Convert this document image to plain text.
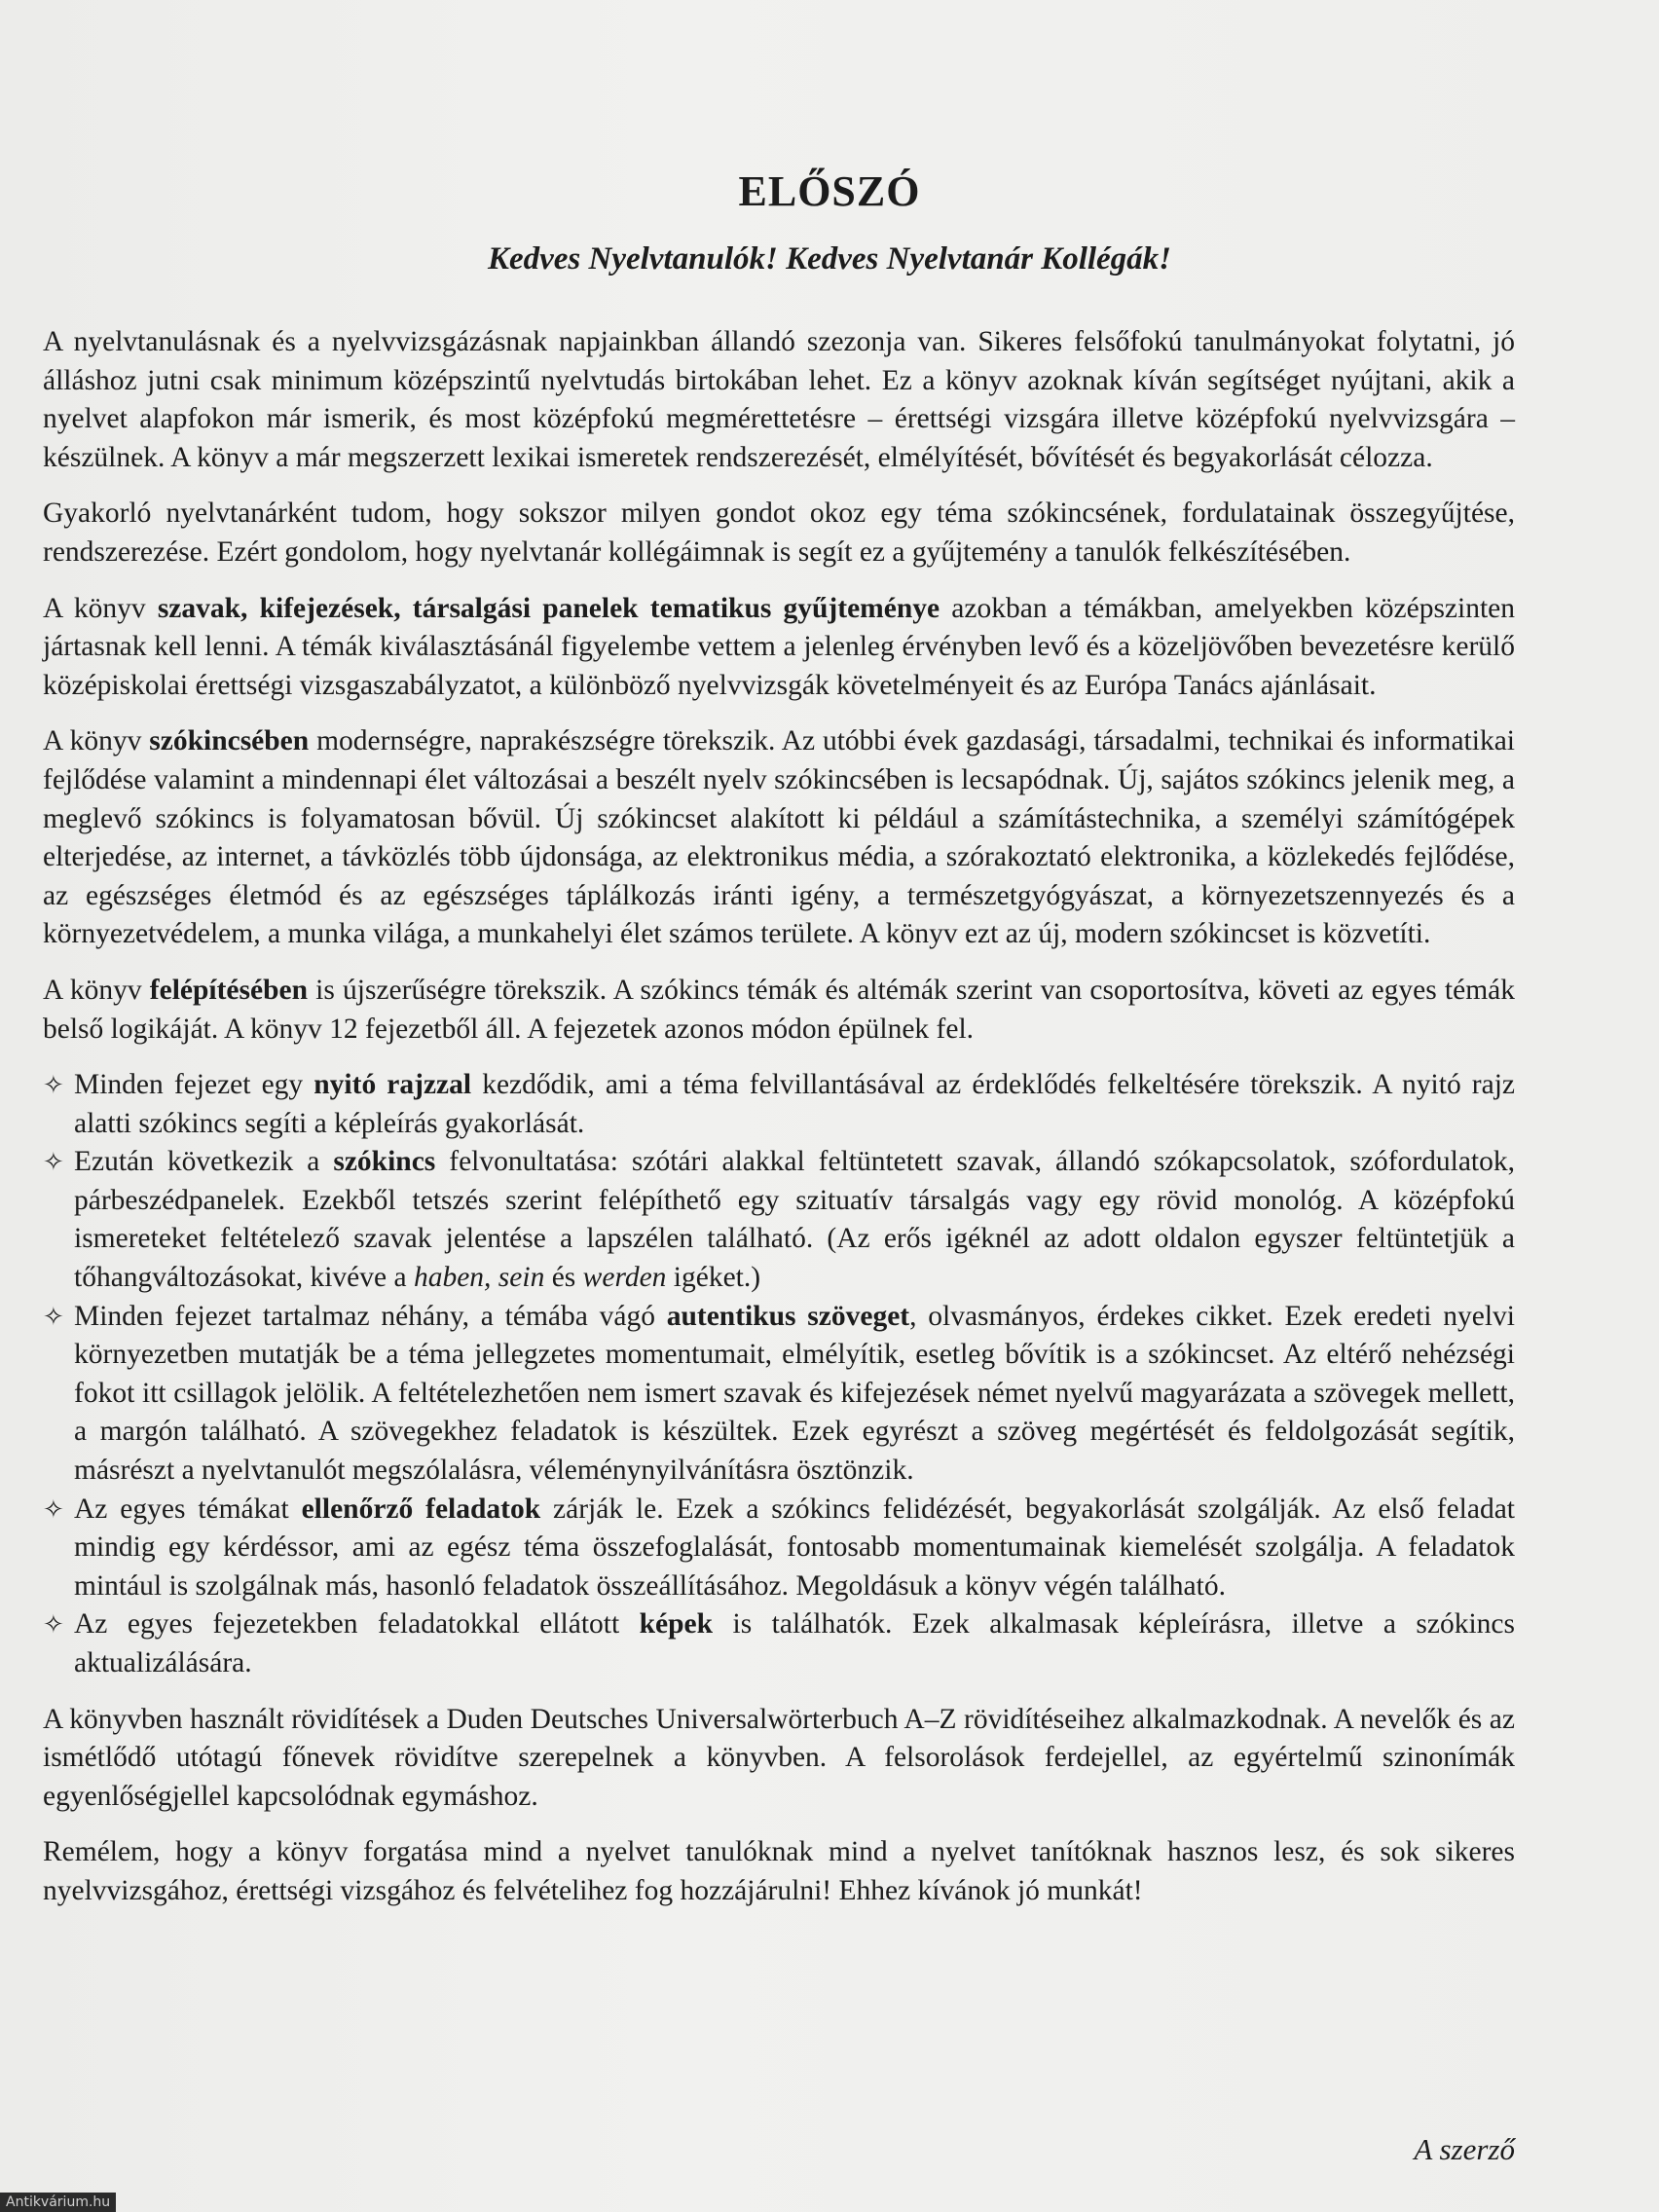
ELŐSZÓ
Kedves Nyelvtanulók! Kedves Nyelvtanár Kollégák!

A nyelvtanulásnak és a nyelvvizsgázásnak napjainkban állandó szezonja van. Sikeres felsőfokú tanulmányokat folytatni, jó álláshoz jutni csak minimum középszintű nyelvtudás birtokában lehet. Ez a könyv azoknak kíván segítséget nyújtani, akik a nyelvet alapfokon már ismerik, és most középfokú megmérettetésre – érettségi vizsgára illetve középfokú nyelvvizsgára – készülnek. A könyv a már megszerzett lexikai ismeretek rendszerezését, elmélyítését, bővítését és begyakorlását célozza.

Gyakorló nyelvtanárként tudom, hogy sokszor milyen gondot okoz egy téma szókincsének, fordulatainak összegyűjtése, rendszerezése. Ezért gondolom, hogy nyelvtanár kollégáimnak is segít ez a gyűjtemény a tanulók felkészítésében.

A könyv szavak, kifejezések, társalgási panelek tematikus gyűjteménye azokban a témákban, amelyekben középszinten jártasnak kell lenni. A témák kiválasztásánál figyelembe vettem a jelenleg érvényben levő és a közeljövőben bevezetésre kerülő középiskolai érettségi vizsgaszabályzatot, a különböző nyelvvizsgák követelményeit és az Európa Tanács ajánlásait.

A könyv szókincsében modernségre, naprakészségre törekszik. Az utóbbi évek gazdasági, társadalmi, technikai és informatikai fejlődése valamint a mindennapi élet változásai a beszélt nyelv szókincsében is lecsapódnak. Új, sajátos szókincs jelenik meg, a meglevő szókincs is folyamatosan bővül. Új szókincset alakított ki például a számítástechnika, a személyi számítógépek elterjedése, az internet, a távközlés több újdonsága, az elektronikus média, a szórakoztató elektronika, a közlekedés fejlődése, az egészséges életmód és az egészséges táplálkozás iránti igény, a természetgyógyászat, a környezetszennyezés és a környezetvédelem, a munka világa, a munkahelyi élet számos területe. A könyv ezt az új, modern szókincset is közvetíti.

A könyv felépítésében is újszerűségre törekszik. A szókincs témák és altémák szerint van csoportosítva, követi az egyes témák belső logikáját. A könyv 12 fejezetből áll. A fejezetek azonos módon épülnek fel.

✧ Minden fejezet egy nyitó rajzzal kezdődik, ami a téma felvillantásával az érdeklődés felkeltésére törekszik. A nyitó rajz alatti szókincs segíti a képleírás gyakorlását.
✧ Ezután következik a szókincs felvonultatása: szótári alakkal feltüntetett szavak, állandó szókapcsolatok, szófordulatok, párbeszédpanelek. Ezekből tetszés szerint felépíthető egy szituatív társalgás vagy egy rövid monológ. A középfokú ismereteket feltételező szavak jelentése a lapszélen található. (Az erős igéknél az adott oldalon egyszer feltüntetjük a tőhangváltozásokat, kivéve a haben, sein és werden igéket.)
✧ Minden fejezet tartalmaz néhány, a témába vágó autentikus szöveget, olvasmányos, érdekes cikket. Ezek eredeti nyelvi környezetben mutatják be a téma jellegzetes momentumait, elmélyítik, esetleg bővítik is a szókincset. Az eltérő nehézségi fokot itt csillagok jelölik. A feltételezhetően nem ismert szavak és kifejezések német nyelvű magyarázata a szövegek mellett, a margón található. A szövegekhez feladatok is készültek. Ezek egyrészt a szöveg megértését és feldolgozását segítik, másrészt a nyelvtanulót megszólalásra, véleménynyilvánításra ösztönzik.
✧ Az egyes témákat ellenőrző feladatok zárják le. Ezek a szókincs felidézését, begyakorlását szolgálják. Az első feladat mindig egy kérdéssor, ami az egész téma összefoglalását, fontosabb momentumainak kiemelését szolgálja. A feladatok mintául is szolgálnak más, hasonló feladatok összeállításához. Megoldásuk a könyv végén található.
✧ Az egyes fejezetekben feladatokkal ellátott képek is találhatók. Ezek alkalmasak képleírásra, illetve a szókincs aktualizálására.

A könyvben használt rövidítések a Duden Deutsches Universalwörterbuch A–Z rövidítéseihez alkalmazkodnak. A nevelők és az ismétlődő utótagú főnevek rövidítve szerepelnek a könyvben. A felsorolások ferdejellel, az egyértelmű szinonímák egyenlőségjellel kapcsolódnak egymáshoz.

Remélem, hogy a könyv forgatása mind a nyelvet tanulóknak mind a nyelvet tanítóknak hasznos lesz, és sok sikeres nyelvvizsgához, érettségi vizsgához és felvételihez fog hozzájárulni! Ehhez kívánok jó munkát!

A szerző
Antikvárium.hu
